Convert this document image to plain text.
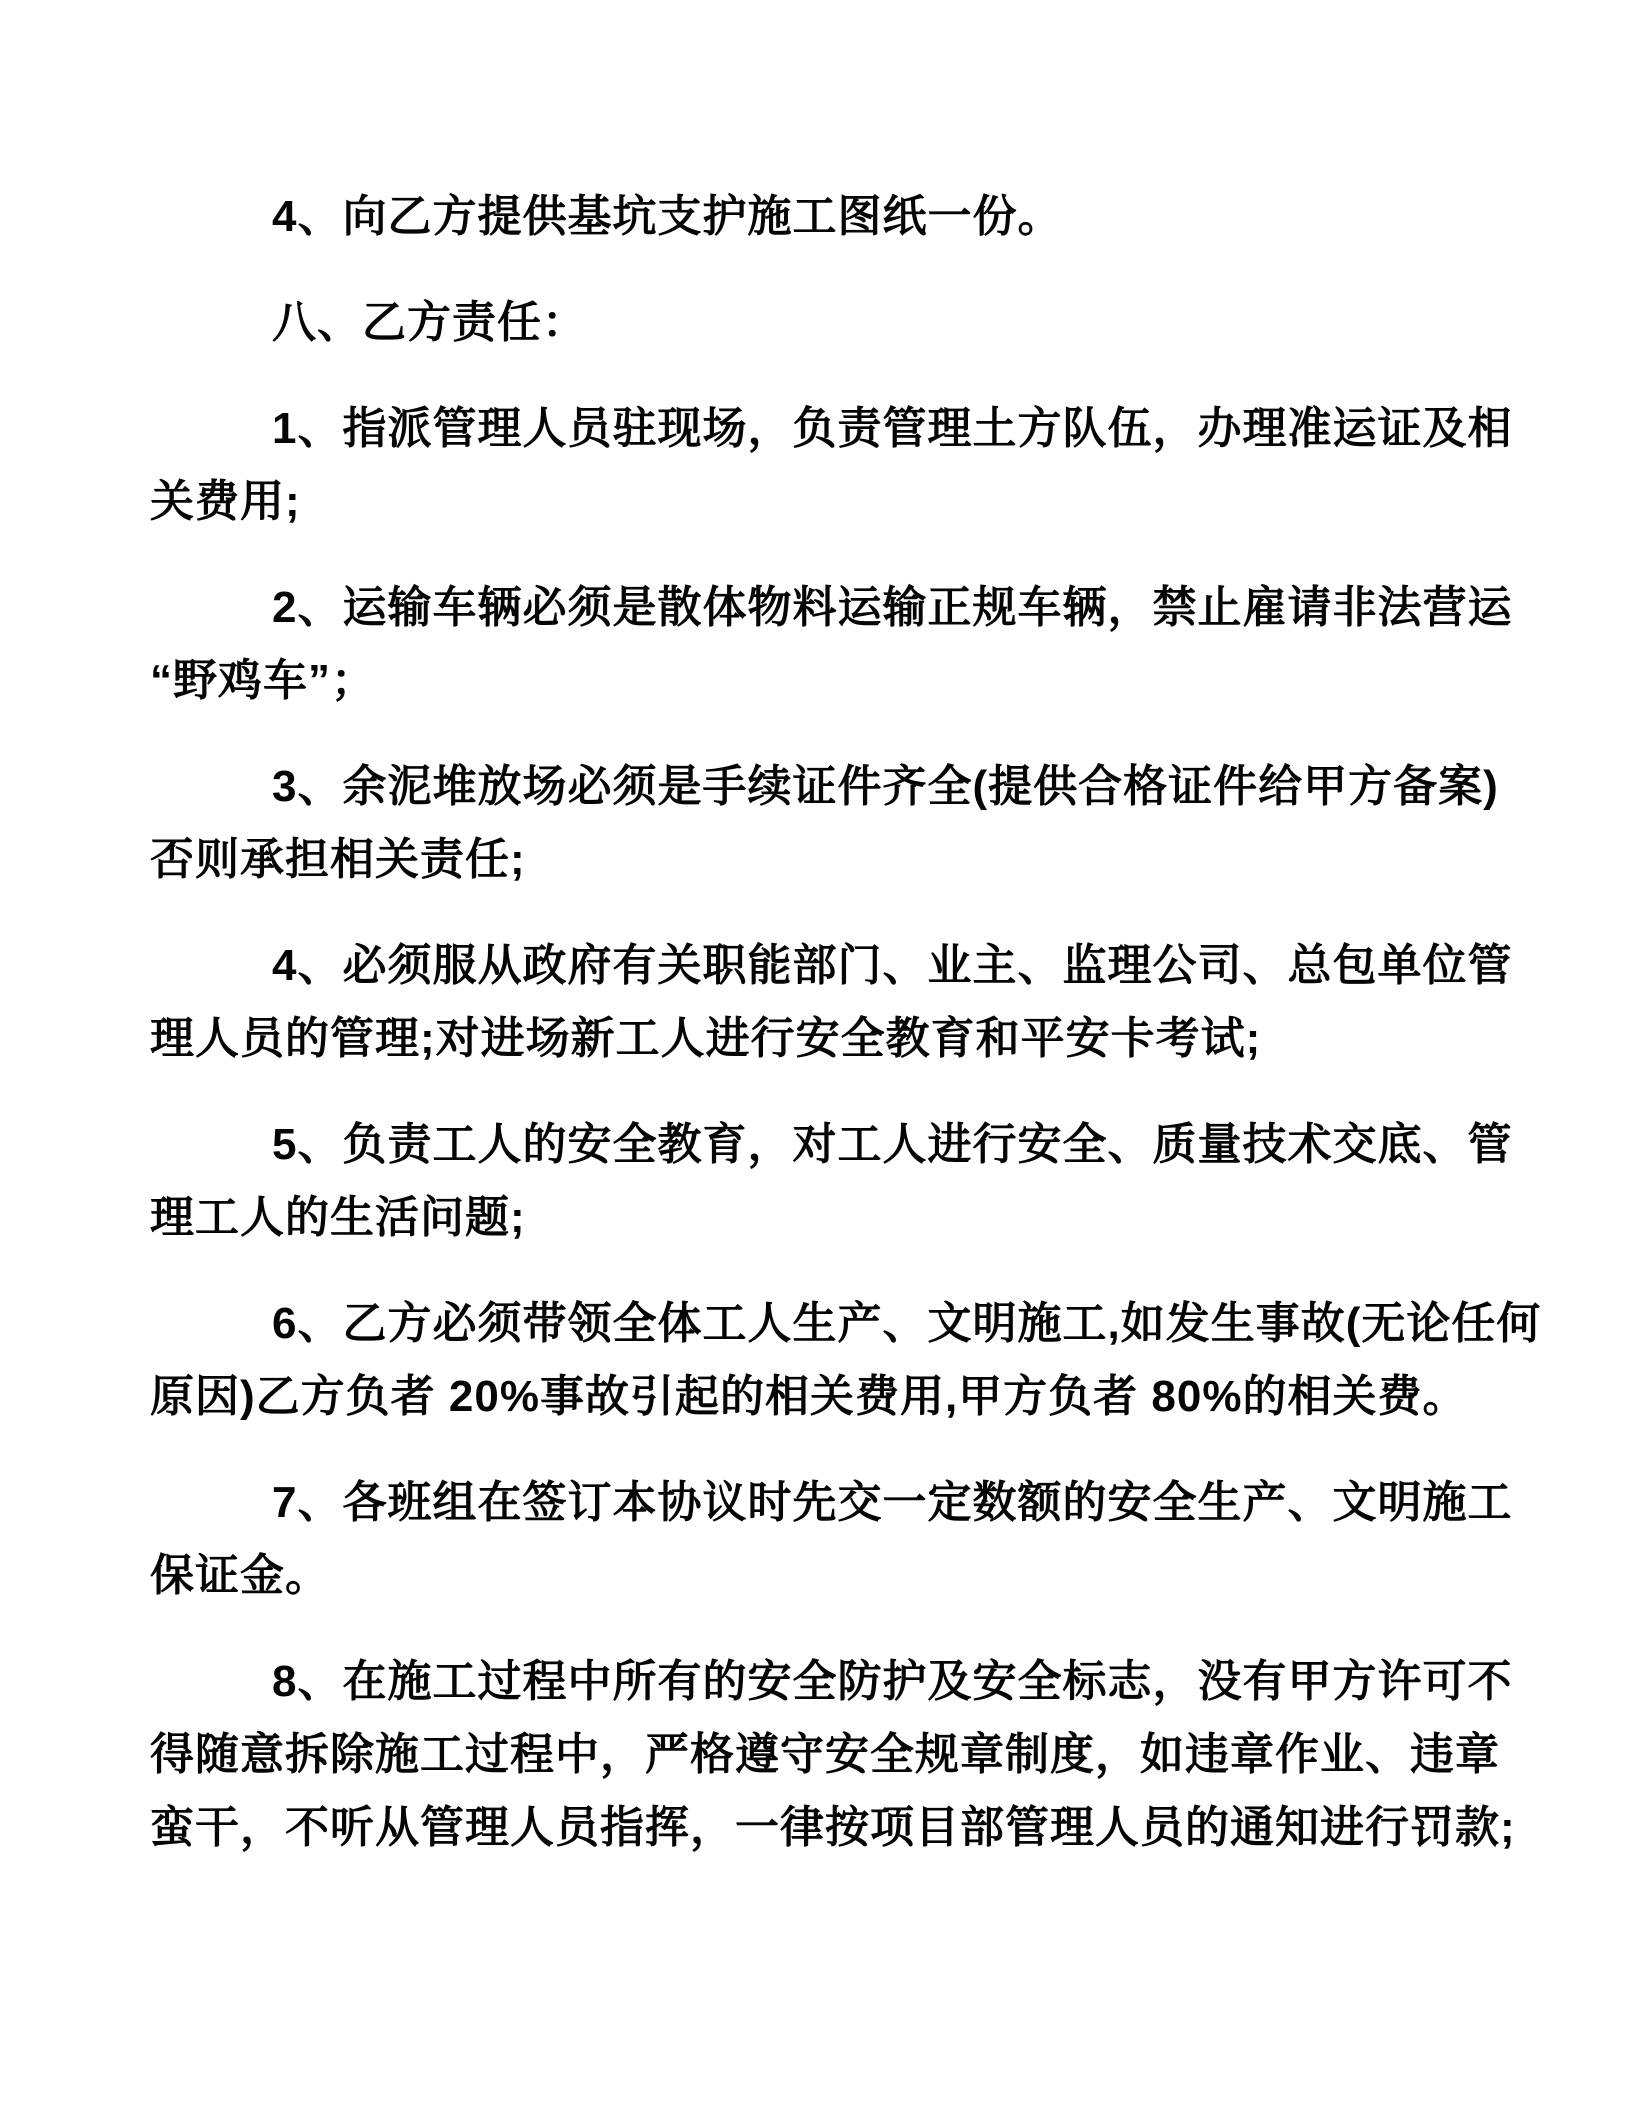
4、向乙方提供基坑支护施工图纸一份。
八、乙方责任：
1、指派管理人员驻现场，负责管理土方队伍，办理准运证及相
关费用;
2、运输车辆必须是散体物料运输正规车辆，禁止雇请非法营运
“野鸡车”；
3、余泥堆放场必须是手续证件齐全(提供合格证件给甲方备案)
否则承担相关责任;
4、必须服从政府有关职能部门、业主、监理公司、总包单位管
理人员的管理;对进场新工人进行安全教育和平安卡考试;
5、负责工人的安全教育，对工人进行安全、质量技术交底、管
理工人的生活问题;
6、乙方必须带领全体工人生产、文明施工,如发生事故(无论任何
原因)乙方负者 20%事故引起的相关费用,甲方负者 80%的相关费。
7、各班组在签订本协议时先交一定数额的安全生产、文明施工
保证金。
8、在施工过程中所有的安全防护及安全标志，没有甲方许可不
得随意拆除施工过程中，严格遵守安全规章制度，如违章作业、违章
蛮干，不听从管理人员指挥，一律按项目部管理人员的通知进行罚款;
